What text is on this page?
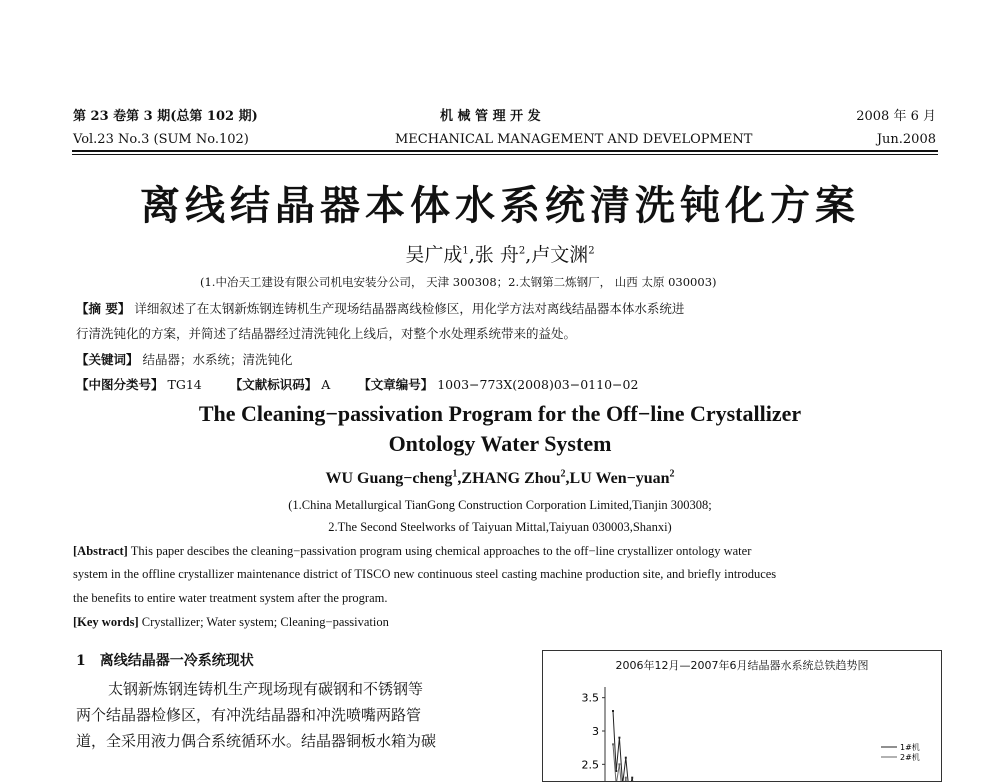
第 23 卷第 3 期(总第 102 期)
Vol.23 No.3 (SUM No.102)
机 械 管 理 开 发
MECHANICAL MANAGEMENT AND DEVELOPMENT
2008 年 6 月
Jun.2008
离线结晶器本体水系统清洗钝化方案
吴广成$^1$,张 舟$^2$,卢文渊$^2$
(1.中冶天工建设有限公司机电安装分公司， 天津 300308；2.太钢第二炼钢厂， 山西 太原 030003)
【摘 要】 详细叙述了在太钢新炼钢连铸机生产现场结晶器离线检修区，用化学方法对离线结晶器本体水系统进
行清洗钝化的方案，并简述了结晶器经过清洗钝化上线后，对整个水处理系统带来的益处。
【关键词】 结晶器；水系统；清洗钝化
【中图分类号】 TG14 【文献标识码】 A 【文章编号】 1003−773X(2008)03−0110−02
The Cleaning−passivation Program for the Off−line Crystallizer
Ontology Water System
WU Guang−cheng$^1$,ZHANG Zhou$^2$,LU Wen−yuan$^2$
(1.China Metallurgical TianGong Construction Corporation Limited,Tianjin 300308;
2.The Second Steelworks of Taiyuan Mittal,Taiyuan 030003,Shanxi)
[Abstract] This paper descibes the cleaning−passivation program using chemical approaches to the off−line crystallizer ontology water
system in the offline crystallizer maintenance district of TISCO new continuous steel casting machine production site, and briefly introduces
the benefits to entire water treatment system after the program.
[Key words] Crystallizer; Water system; Cleaning−passivation
1 离线结晶器一冷系统现状
太钢新炼钢连铸机生产现场现有碳钢和不锈钢等
两个结晶器检修区，有冲洗结晶器和冲洗喷嘴两路管
道，全采用液力偶合系统循环水。结晶器铜板水箱为碳
2006年12月—2007年6月结晶器水系统总铁趋势图
3.5
3
2.5
1#机
2#机
